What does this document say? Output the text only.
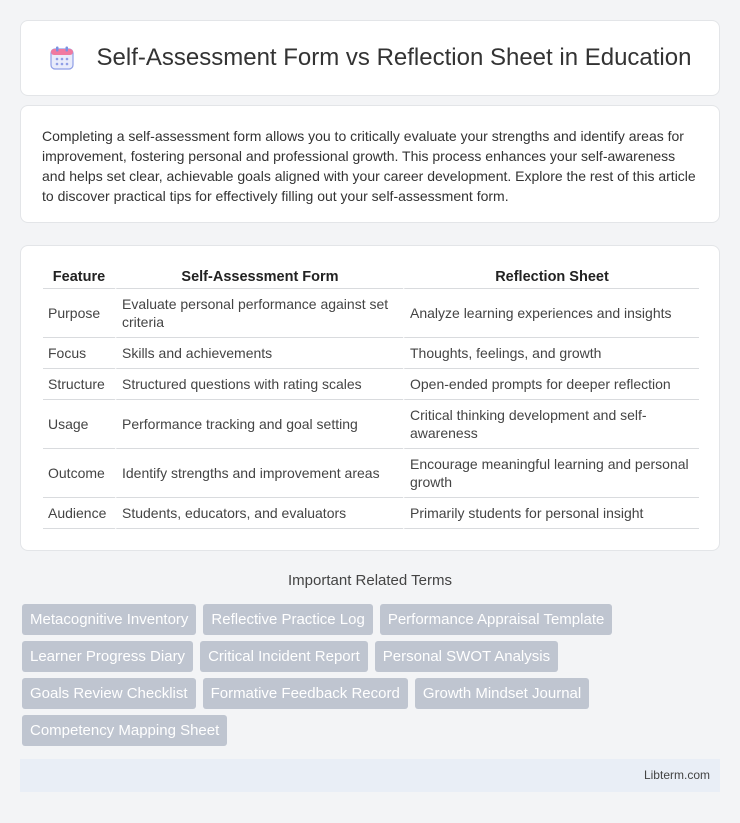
Self-Assessment Form vs Reflection Sheet in Education

Completing a self-assessment form allows you to critically evaluate your strengths and identify areas for improvement, fostering personal and professional growth. This process enhances your self-awareness and helps set clear, achievable goals aligned with your career development. Explore the rest of this article to discover practical tips for effectively filling out your self-assessment form.

Feature	Self-Assessment Form	Reflection Sheet
Purpose	Evaluate personal performance against set criteria	Analyze learning experiences and insights
Focus	Skills and achievements	Thoughts, feelings, and growth
Structure	Structured questions with rating scales	Open-ended prompts for deeper reflection
Usage	Performance tracking and goal setting	Critical thinking development and self-awareness
Outcome	Identify strengths and improvement areas	Encourage meaningful learning and personal growth
Audience	Students, educators, and evaluators	Primarily students for personal insight
Important Related Terms
Metacognitive Inventory	Reflective Practice Log	Performance Appraisal Template
Learner Progress Diary	Critical Incident Report	Personal SWOT Analysis
Goals Review Checklist	Formative Feedback Record	Growth Mindset Journal
Competency Mapping Sheet
Libterm.com
